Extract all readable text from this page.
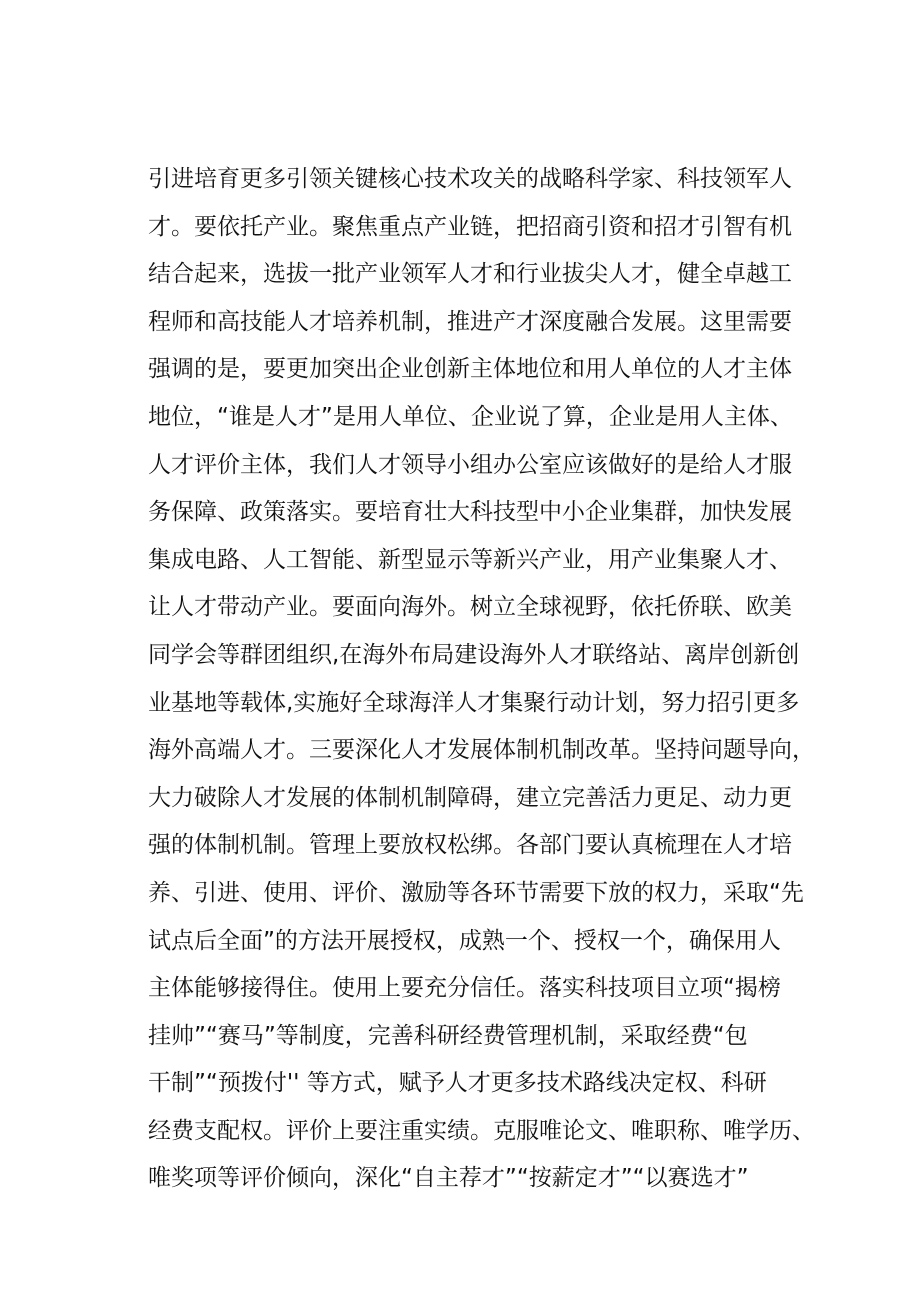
引进培育更多引领关键核心技术攻关的战略科学家、科技领军人
才。要依托产业。聚焦重点产业链，把招商引资和招才引智有机
结合起来，选拔一批产业领军人才和行业拔尖人才，健全卓越工
程师和高技能人才培养机制，推进产才深度融合发展。这里需要
强调的是，要更加突出企业创新主体地位和用人单位的人才主体
地位，“谁是人才”是用人单位、企业说了算，企业是用人主体、
人才评价主体，我们人才领导小组办公室应该做好的是给人才服
务保障、政策落实。要培育壮大科技型中小企业集群，加快发展
集成电路、人工智能、新型显示等新兴产业，用产业集聚人才、
让人才带动产业。要面向海外。树立全球视野，依托侨联、欧美
同学会等群团组织,在海外布局建设海外人才联络站、离岸创新创
业基地等载体,实施好全球海洋人才集聚行动计划，努力招引更多
海外高端人才。三要深化人才发展体制机制改革。坚持问题导向，
大力破除人才发展的体制机制障碍，建立完善活力更足、动力更
强的体制机制。管理上要放权松绑。各部门要认真梳理在人才培
养、引进、使用、评价、激励等各环节需要下放的权力，采取“先
试点后全面”的方法开展授权，成熟一个、授权一个，确保用人
主体能够接得住。使用上要充分信任。落实科技项目立项“揭榜
挂帅”“赛马”等制度，完善科研经费管理机制，采取经费“包
干制”“预拨付'' 等方式，赋予人才更多技术路线决定权、科研
经费支配权。评价上要注重实绩。克服唯论文、唯职称、唯学历、
唯奖项等评价倾向，深化“自主荐才”“按薪定才”“以赛选才”
